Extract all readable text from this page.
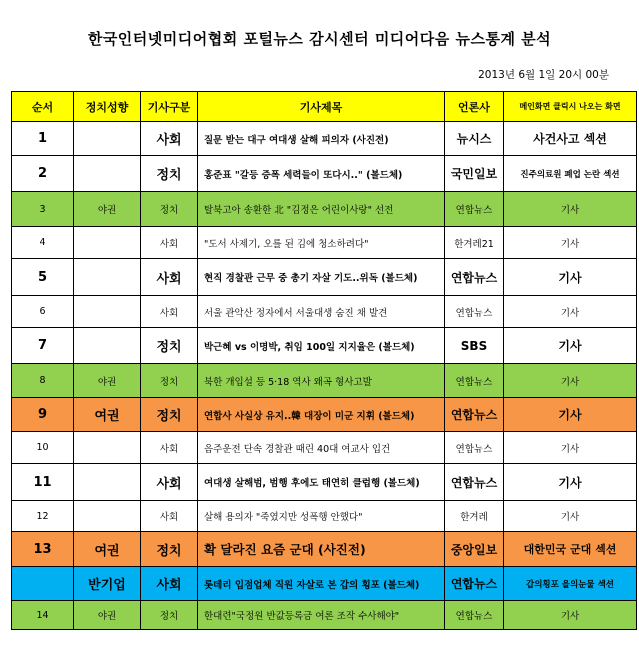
한국인터넷미디어협회 포털뉴스 감시센터 미디어다음 뉴스통계 분석
2013년 6월 1일 20시 00분
순서	정치성향	기사구분	기사제목	언론사	메인화면 클릭시 나오는 화면
1		사회	질문 받는 대구 여대생 살해 피의자 (사진전)	뉴시스	사건사고 섹션
2		정치	홍준표 "갈등 증폭 세력들이 또다시.." (볼드체)	국민일보	진주의료원 폐업 논란 섹션
3	야권	정치	탈북고아 송환한 北 "김정은 어린이사랑" 선전	연합뉴스	기사
4		사회	"도서 사제기, 오를 된 김에 청소하려다"	한겨레21	기사
5		사회	현직 경찰관 근무 중 총기 자살 기도..위독 (볼드체)	연합뉴스	기사
6		사회	서울 관악산 정자에서 서울대생 숨진 채 발견	연합뉴스	기사
7		정치	박근혜 vs 이명박, 취임 100일 지지율은 (볼드체)	SBS	기사
8	야권	정치	북한 개입설 등 5·18 역사 왜곡 형사고발	연합뉴스	기사
9	여권	정치	연합사 사실상 유지..韓 대장이 미군 지휘 (볼드체)	연합뉴스	기사
10		사회	음주운전 단속 경찰관 때린 40대 여교사 입건	연합뉴스	기사
11		사회	여대생 살해범, 범행 후에도 태연히 클럽행 (볼드체)	연합뉴스	기사
12		사회	살해 용의자 "죽였지만 성폭행 안했다"	한겨레	기사
13	여권	정치	확 달라진 요즘 군대 (사진전)	중앙일보	대한민국 군대 섹션
	반기업	사회	롯데리 입점업체 직원 자살로 본 갑의 횡포 (볼드체)	연합뉴스	갑의횡포 을의눈물 섹션
14	야권	정치	한대련"국정원 반값등록금 여론 조작 수사해야"	연합뉴스	기사
